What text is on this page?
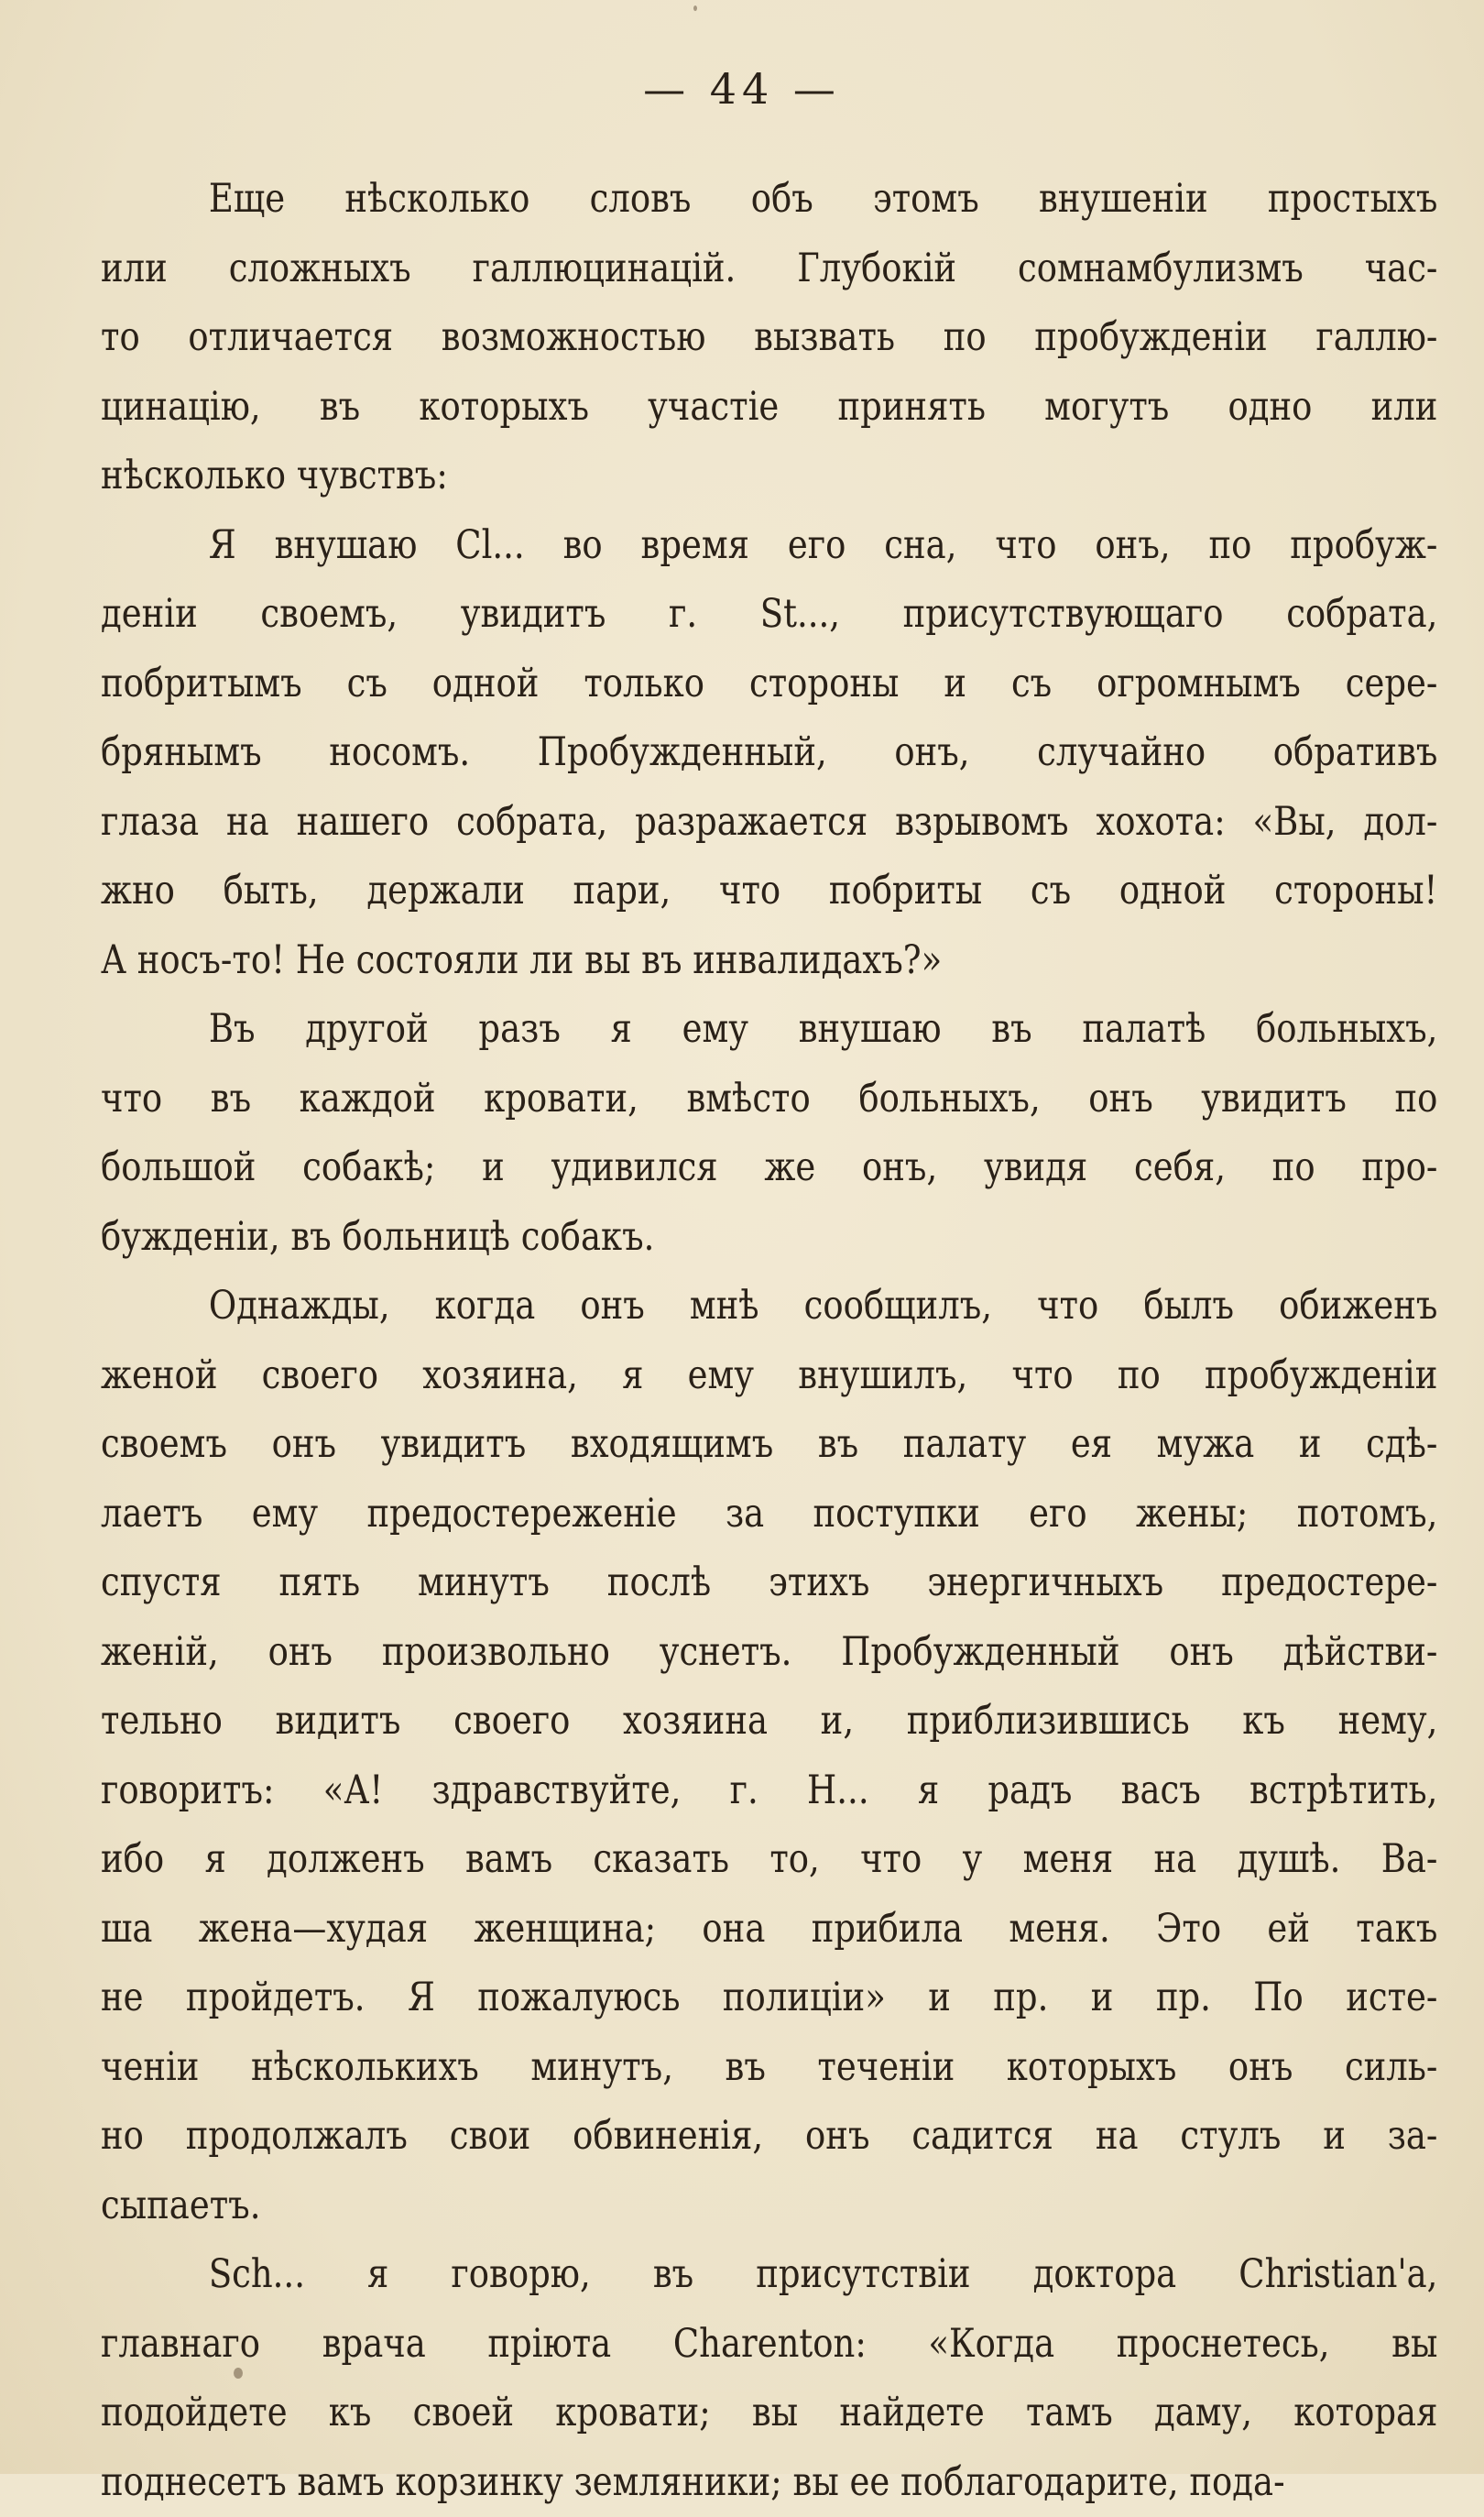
— 44 —
Еще нѣсколько словъ объ этомъ внушеніи простыхъ
или сложныхъ галлюцинацій. Глубокій сомнамбулизмъ час-
то отличается возможностью вызвать по пробужденіи галлю-
цинацію, въ которыхъ участіе принять могутъ одно или
нѣсколько чувствъ:
Я внушаю Cl... во время его сна, что онъ, по пробуж-
деніи своемъ, увидитъ г. St..., присутствующаго собрата,
побритымъ съ одной только стороны и съ огромнымъ сере-
брянымъ носомъ. Пробужденный, онъ, случайно обративъ
глаза на нашего собрата, разражается взрывомъ хохота: «Вы, дол-
жно быть, держали пари, что побриты съ одной стороны!
А носъ-то! Не состояли ли вы въ инвалидахъ?»
Въ другой разъ я ему внушаю въ палатѣ больныхъ,
что въ каждой кровати, вмѣсто больныхъ, онъ увидитъ по
большой собакѣ; и удивился же онъ, увидя себя, по про-
бужденіи, въ больницѣ собакъ.
Однажды, когда онъ мнѣ сообщилъ, что былъ обиженъ
женой своего хозяина, я ему внушилъ, что по пробужденіи
своемъ онъ увидитъ входящимъ въ палату ея мужа и сдѣ-
лаетъ ему предостереженіе за поступки его жены; потомъ,
спустя пять минутъ послѣ этихъ энергичныхъ предостере-
женій, онъ произвольно уснетъ. Пробужденный онъ дѣйстви-
тельно видитъ своего хозяина и, приблизившись къ нему,
говоритъ: «А! здравствуйте, г. Н... я радъ васъ встрѣтить,
ибо я долженъ вамъ сказать то, что у меня на душѣ. Ва-
ша жена—худая женщина; она прибила меня. Это ей такъ
не пройдетъ. Я пожалуюсь полиціи» и пр. и пр. По исте-
ченіи нѣсколькихъ минутъ, въ теченіи которыхъ онъ силь-
но продолжалъ свои обвиненія, онъ садится на стулъ и за-
сыпаетъ.
Sch... я говорю, въ присутствіи доктора Christian'a,
главнаго врача пріюта Charenton: «Когда проснетесь, вы
подойдете къ своей кровати; вы найдете тамъ даму, которая
поднесетъ вамъ корзинку земляники; вы ее поблагодарите, пода-
